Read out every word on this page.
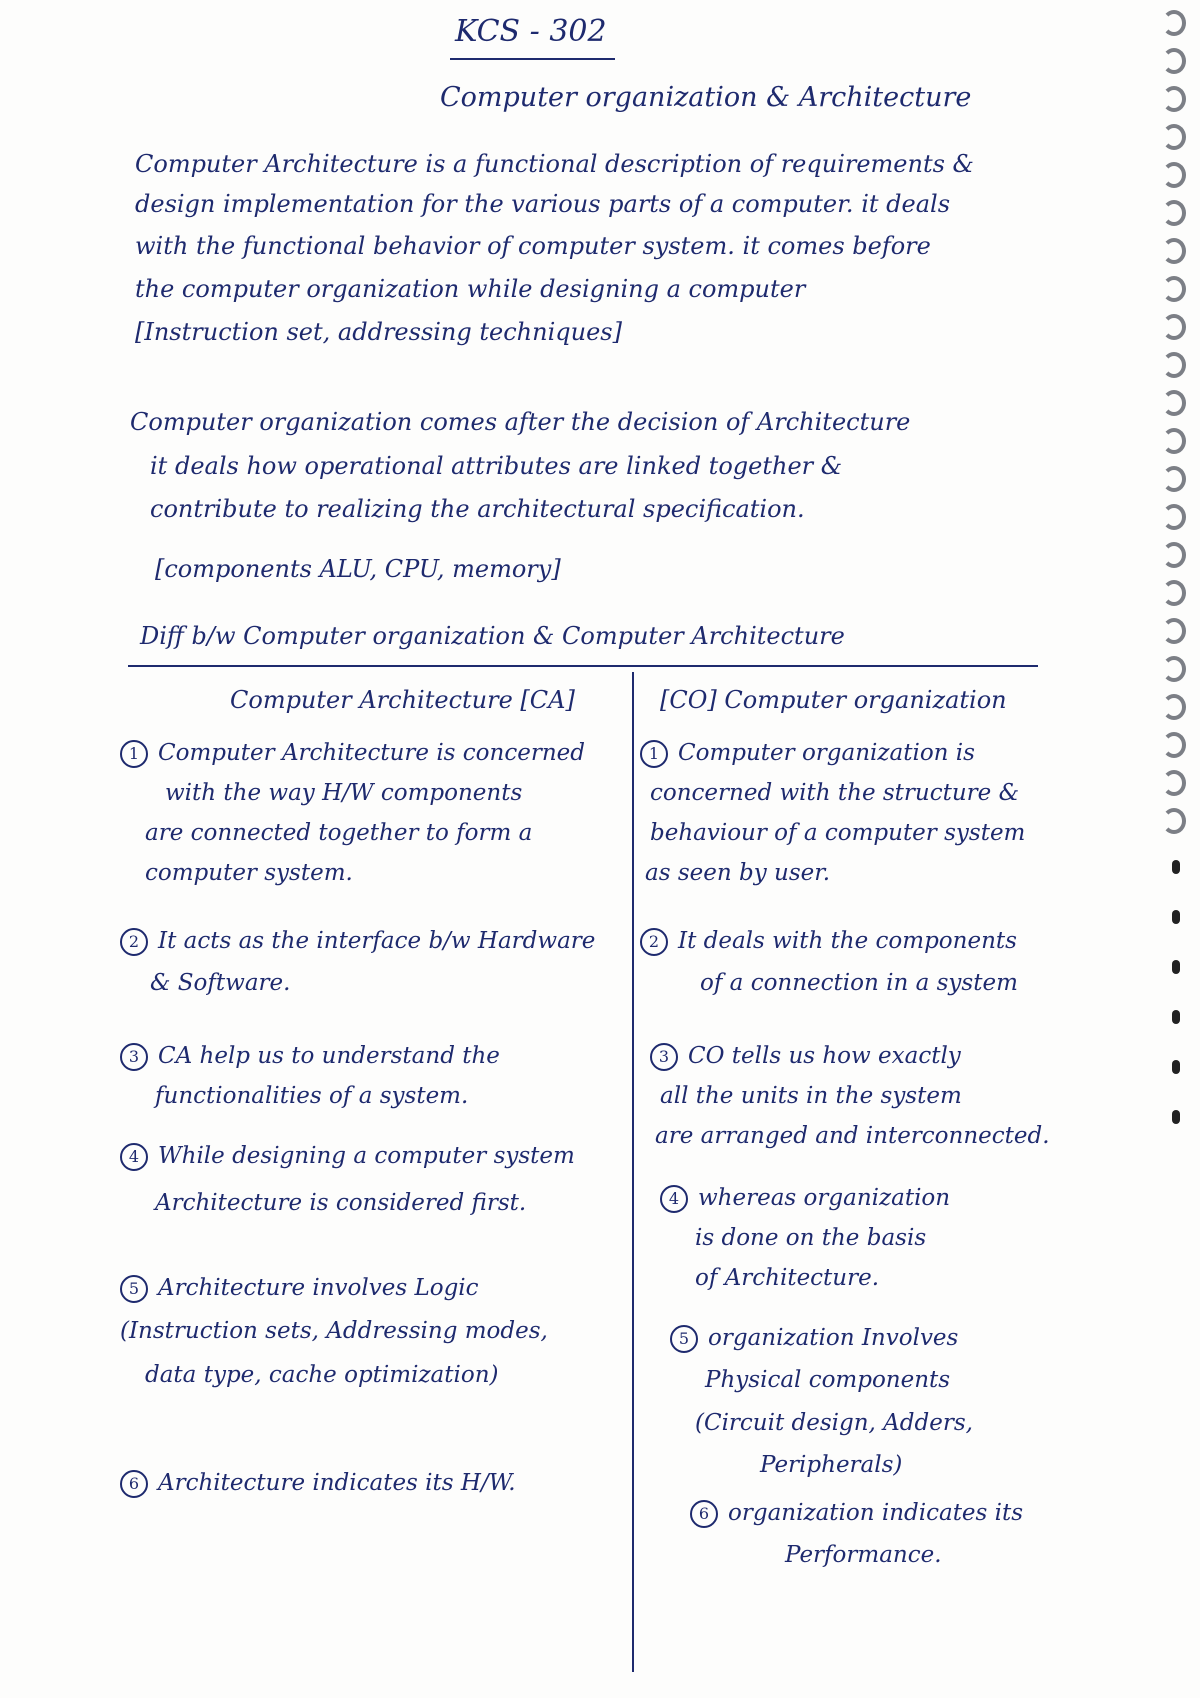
KCS - 302
Computer organization & Architecture
Computer Architecture is a functional description of requirements &
design implementation for the various parts of a computer. it deals
with the functional behavior of computer system. it comes before
the computer organization while designing a computer
[Instruction set, addressing techniques]
Computer organization comes after the decision of Architecture
it deals how operational attributes are linked together &
contribute to realizing the architectural specification.
[components ALU, CPU, memory]
Diff b/w Computer organization & Computer Architecture
Computer Architecture [CA]	[CO] Computer organization
1 Computer Architecture is concerned
with the way H/W components
are connected together to form a
computer system.
2 It acts as the interface b/w Hardware
& Software.
3 CA help us to understand the
functionalities of a system.
4 While designing a computer system
Architecture is considered first.
5 Architecture involves Logic
(Instruction sets, Addressing modes,
data type, cache optimization)
6 Architecture indicates its H/W.
1 Computer organization is
concerned with the structure &
behaviour of a computer system
as seen by user.
2 It deals with the components
of a connection in a system
3 CO tells us how exactly
all the units in the system
are arranged and interconnected.
4 whereas organization
is done on the basis
of Architecture.
5 organization Involves
Physical components
(Circuit design, Adders,
Peripherals)
6 organization indicates its
Performance.
